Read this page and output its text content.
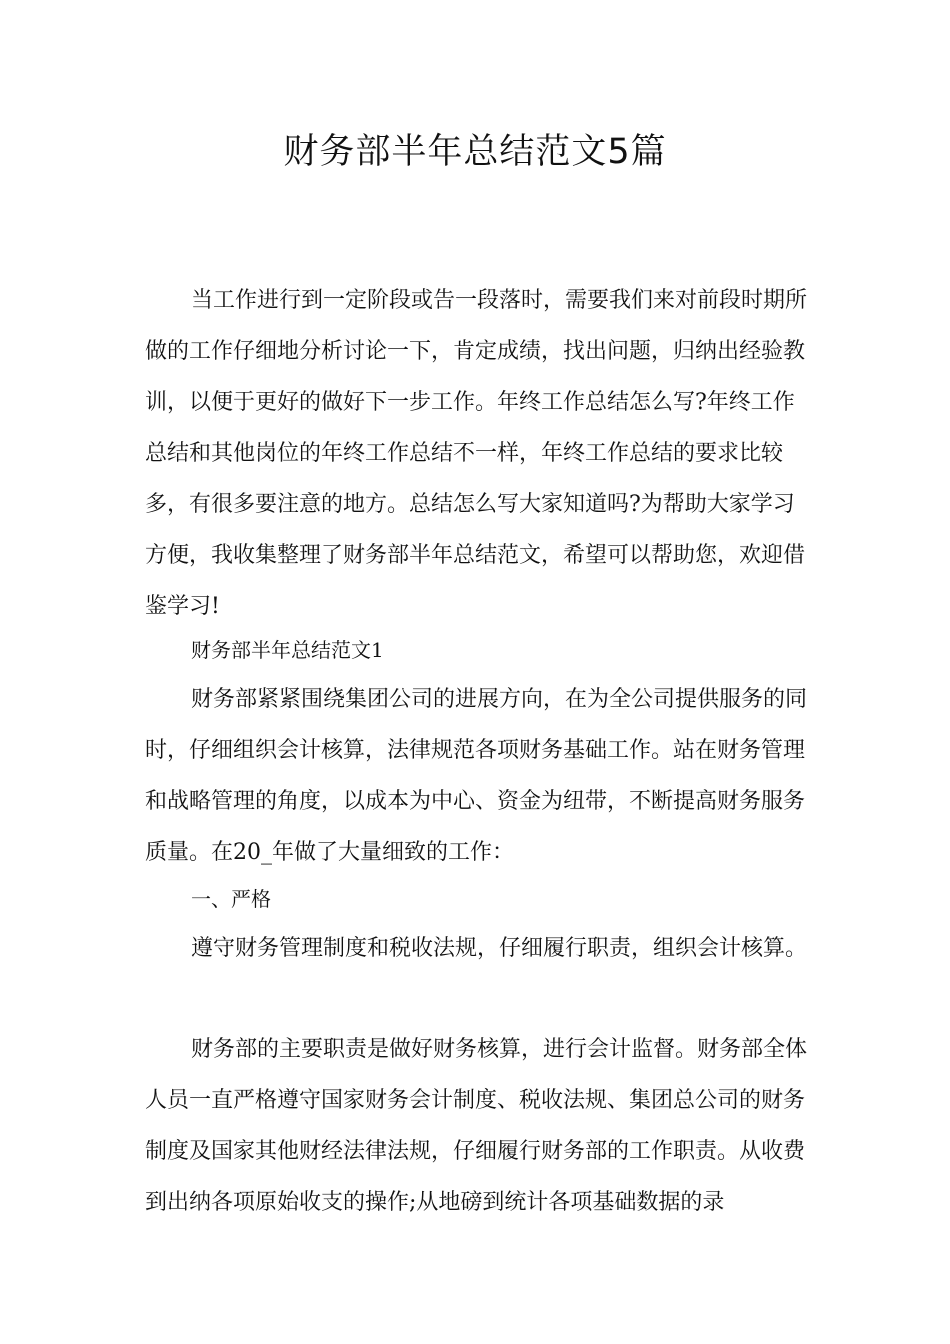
财务部半年总结范文5篇

当工作进行到一定阶段或告一段落时，需要我们来对前段时期所做的工作仔细地分析讨论一下，肯定成绩，找出问题，归纳出经验教训，以便于更好的做好下一步工作。年终工作总结怎么写?年终工作总结和其他岗位的年终工作总结不一样，年终工作总结的要求比较多，有很多要注意的地方。总结怎么写大家知道吗?为帮助大家学习方便，我收集整理了财务部半年总结范文，希望可以帮助您，欢迎借鉴学习!

财务部半年总结范文1

财务部紧紧围绕集团公司的进展方向，在为全公司提供服务的同时，仔细组织会计核算，法律规范各项财务基础工作。站在财务管理和战略管理的角度，以成本为中心、资金为纽带，不断提高财务服务质量。在20_年做了大量细致的工作：

一、严格

遵守财务管理制度和税收法规，仔细履行职责，组织会计核算。

财务部的主要职责是做好财务核算，进行会计监督。财务部全体人员一直严格遵守国家财务会计制度、税收法规、集团总公司的财务制度及国家其他财经法律法规，仔细履行财务部的工作职责。从收费到出纳各项原始收支的操作;从地磅到统计各项基础数据的录
